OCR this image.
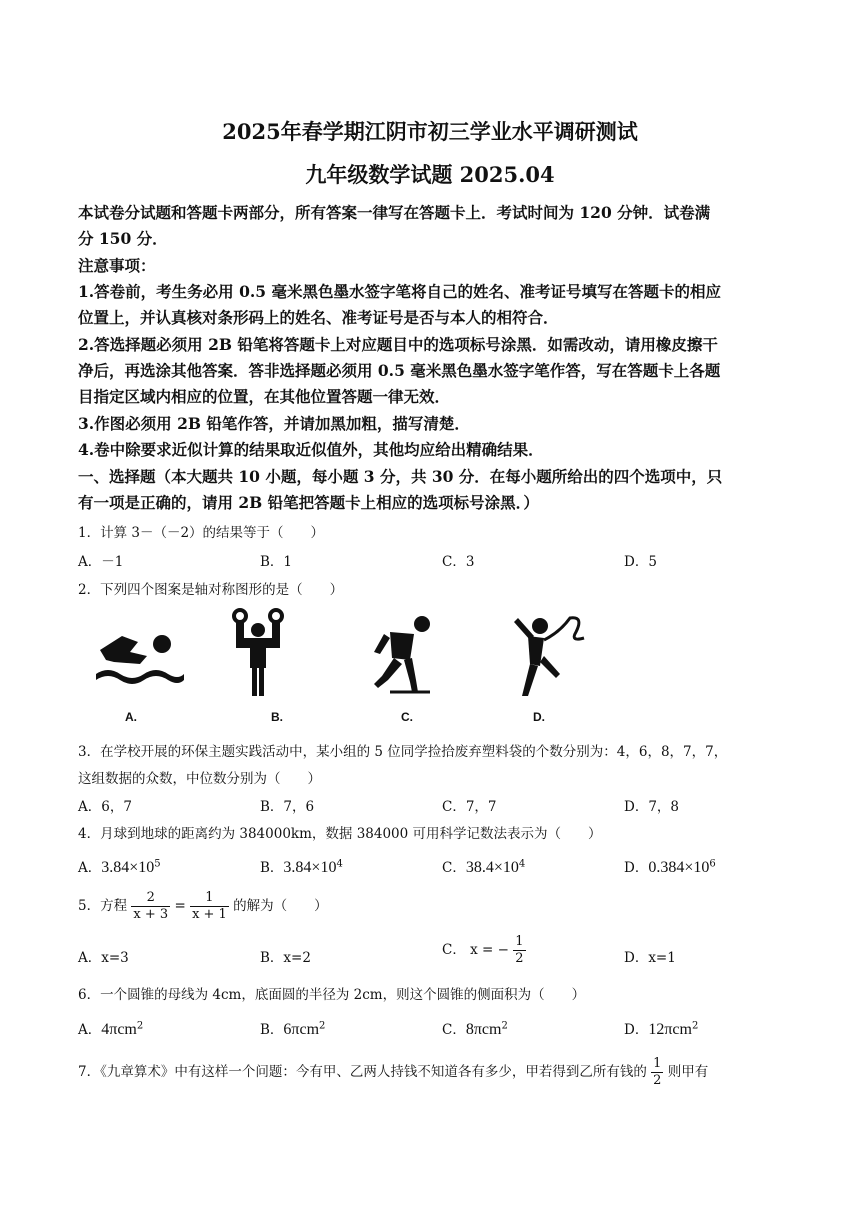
2025年春学期江阴市初三学业水平调研测试
九年级数学试题 2025.04
本试卷分试题和答题卡两部分，所有答案一律写在答题卡上．考试时间为 120 分钟．试卷满
分 150 分．
注意事项：
1.答卷前，考生务必用 0.5 毫米黑色墨水签字笔将自己的姓名、准考证号填写在答题卡的相应
位置上，并认真核对条形码上的姓名、准考证号是否与本人的相符合．
2.答选择题必须用 2B 铅笔将答题卡上对应题目中的选项标号涂黑．如需改动，请用橡皮擦干
净后，再选涂其他答案．答非选择题必须用 0.5 毫米黑色墨水签字笔作答，写在答题卡上各题
目指定区域内相应的位置，在其他位置答题一律无效．
3.作图必须用 2B 铅笔作答，并请加黑加粗，描写清楚．
4.卷中除要求近似计算的结果取近似值外，其他均应给出精确结果．
一、选择题（本大题共 10 小题，每小题 3 分，共 30 分．在每小题所给出的四个选项中，只
有一项是正确的，请用 2B 铅笔把答题卡上相应的选项标号涂黑．）
1．计算 3－（－2）的结果等于（　　）
A．－1	B．1	C．3	D．5
2．下列四个图案是轴对称图形的是（　　）
A.	B.	C.	D.
3．在学校开展的环保主题实践活动中，某小组的 5 位同学捡拾废弃塑料袋的个数分别为：4，6，8，7，7，
这组数据的众数，中位数分别为（　　）
A．6，7	B．7，6	C．7，7	D．7，8
4．月球到地球的距离约为 384000km，数据 384000 可用科学记数法表示为（　　）
A．$3.84\times 10^5$	B．$3.84\times 10^4$	C．$38.4\times 10^4$	D．$0.384\times 10^6$
5．方程 $\frac{2}{x + 3} = \frac{1}{x + 1}$ 的解为（　　）
A．x=3	B．x=2	C． x = − $\frac{1}{2}$	D．x=1
6．一个圆锥的母线为 4cm，底面圆的半径为 2cm，则这个圆锥的侧面积为（　　）
A．4πcm$^2$	B．6πcm$^2$	C．8πcm$^2$	D．12πcm$^2$
7．《九章算术》中有这样一个问题：今有甲、乙两人持钱不知道各有多少，甲若得到乙所有钱的 $\frac{1}{2}$ 则甲有
